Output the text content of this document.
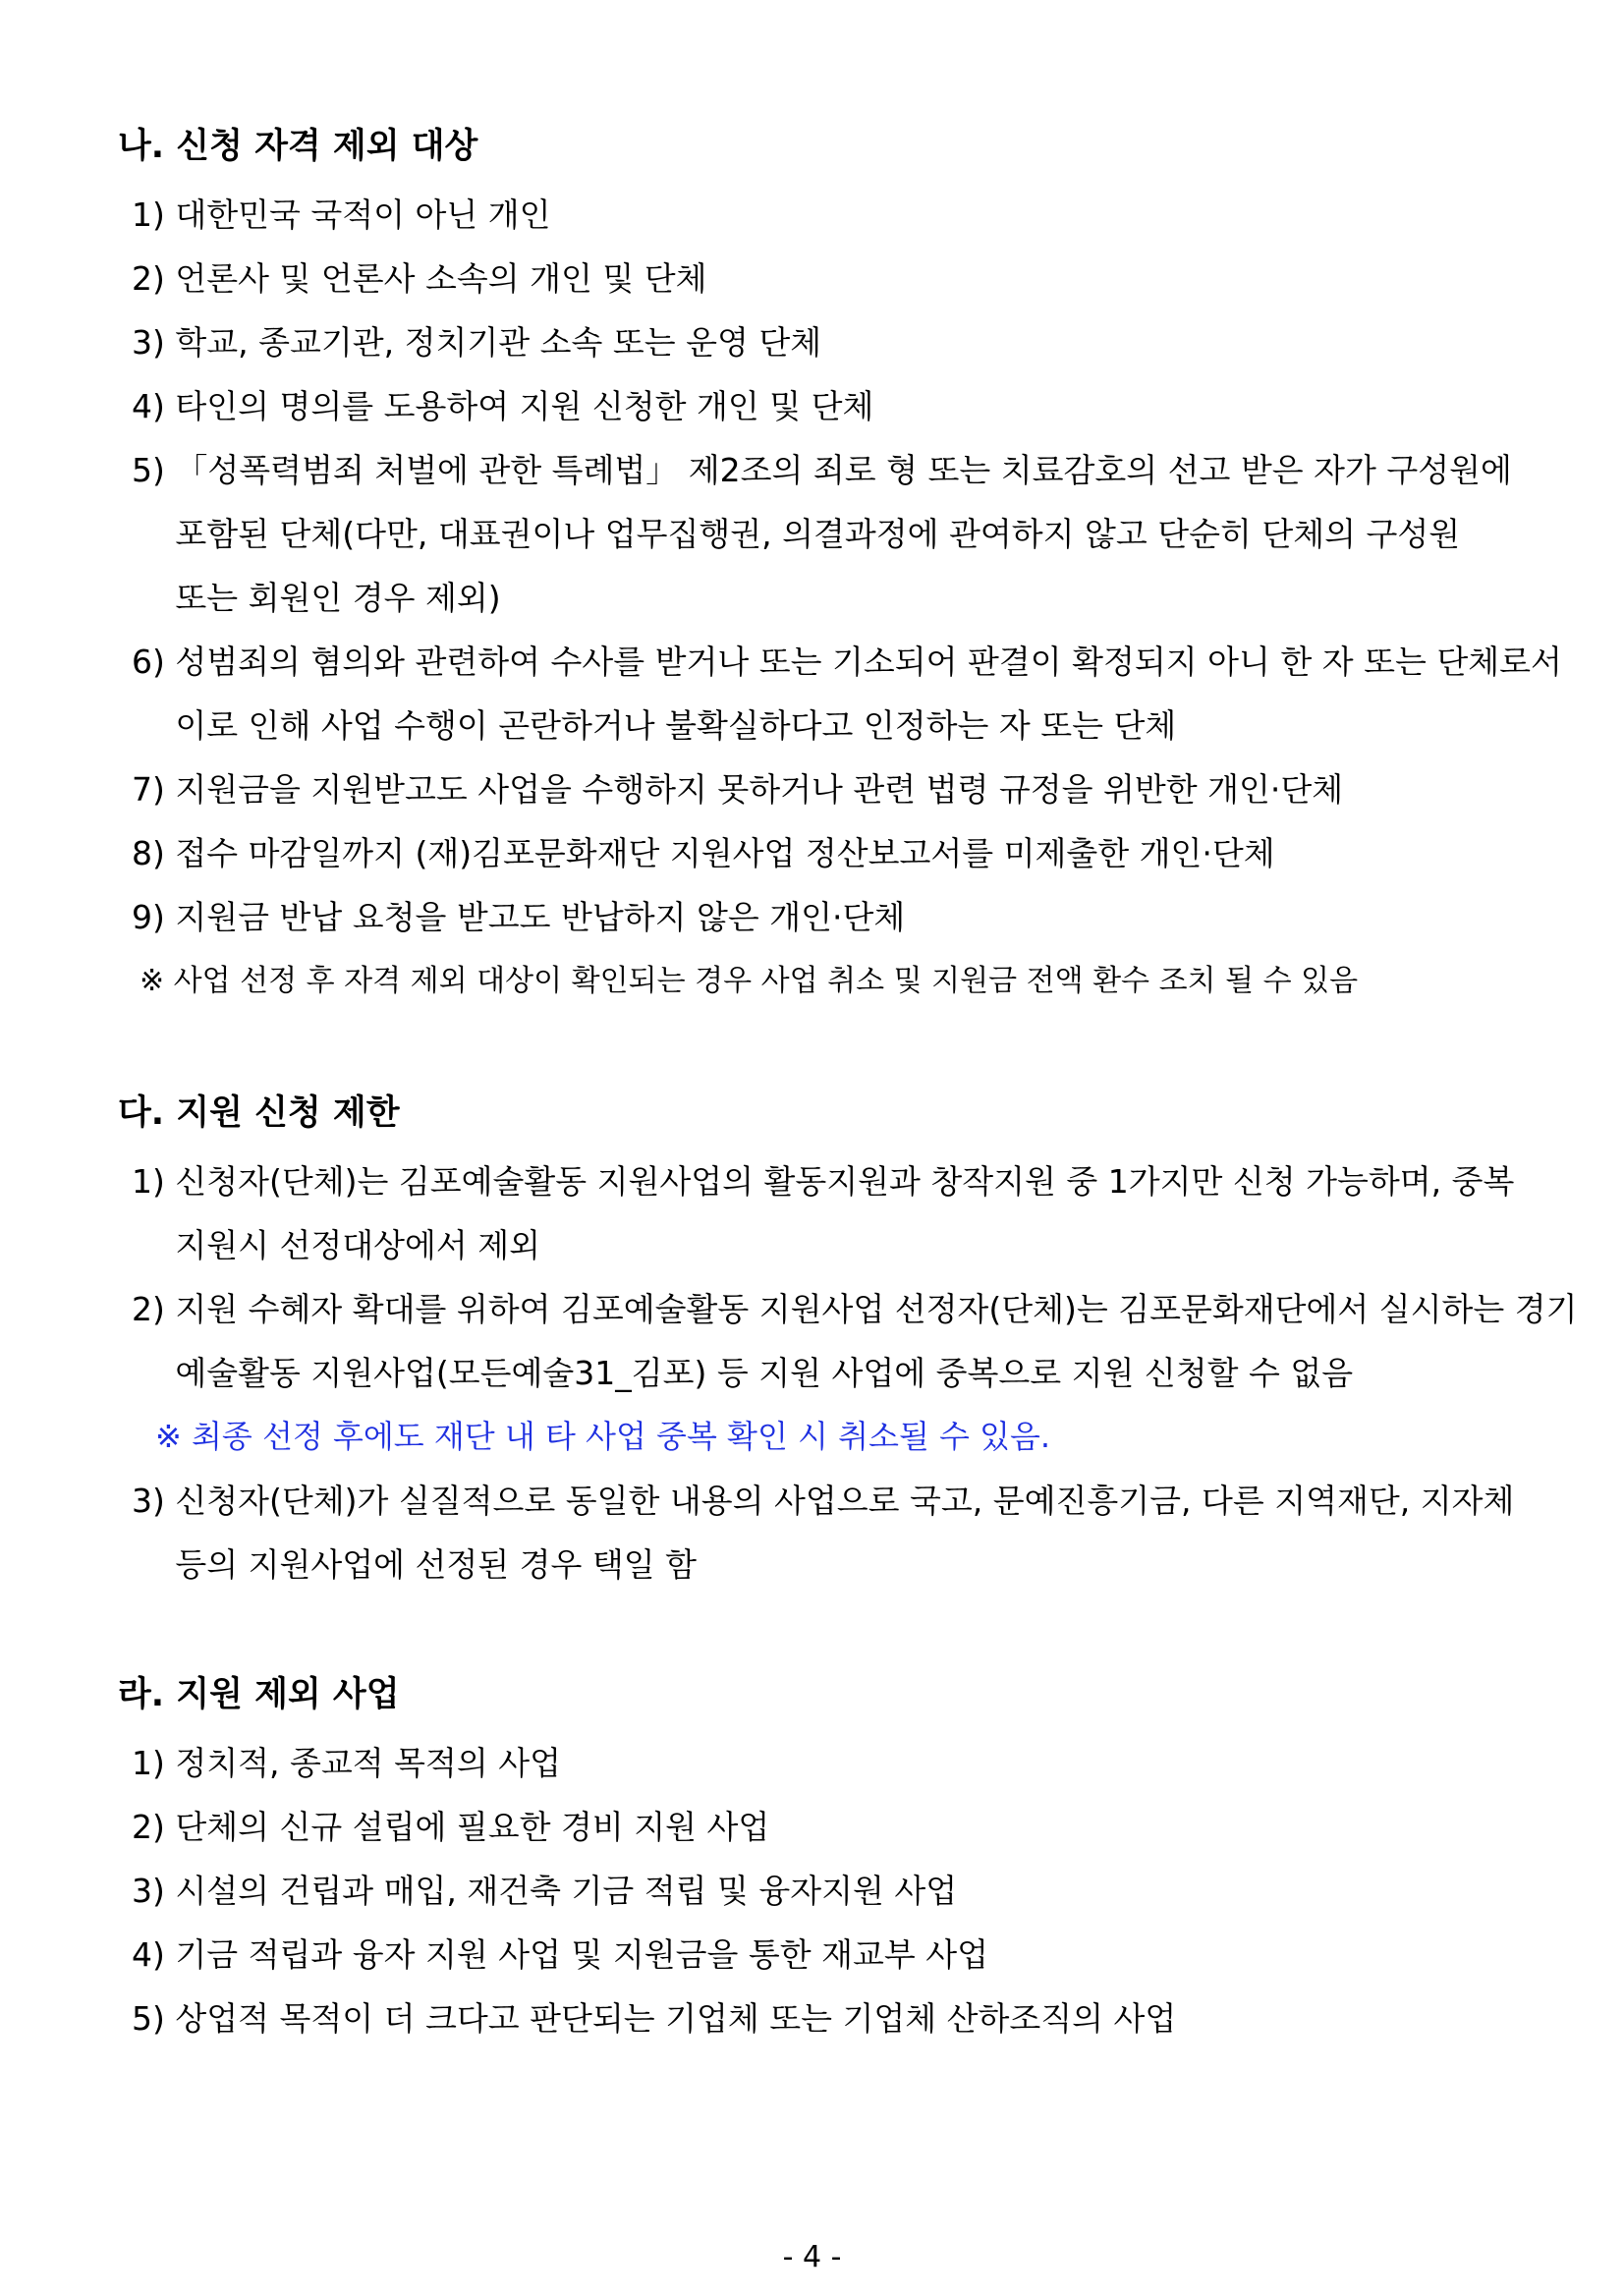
나. 신청 자격 제외 대상
1) 대한민국 국적이 아닌 개인
2) 언론사 및 언론사 소속의 개인 및 단체
3) 학교, 종교기관, 정치기관 소속 또는 운영 단체
4) 타인의 명의를 도용하여 지원 신청한 개인 및 단체
5) 「성폭력범죄 처벌에 관한 특례법」 제2조의 죄로 형 또는 치료감호의 선고 받은 자가 구성원에
포함된 단체(다만, 대표권이나 업무집행권, 의결과정에 관여하지 않고 단순히 단체의 구성원
또는 회원인 경우 제외)
6) 성범죄의 혐의와 관련하여 수사를 받거나 또는 기소되어 판결이 확정되지 아니 한 자 또는 단체로서
이로 인해 사업 수행이 곤란하거나 불확실하다고 인정하는 자 또는 단체
7) 지원금을 지원받고도 사업을 수행하지 못하거나 관련 법령 규정을 위반한 개인·단체
8) 접수 마감일까지 (재)김포문화재단 지원사업 정산보고서를 미제출한 개인·단체
9) 지원금 반납 요청을 받고도 반납하지 않은 개인·단체
※ 사업 선정 후 자격 제외 대상이 확인되는 경우 사업 취소 및 지원금 전액 환수 조치 될 수 있음
다. 지원 신청 제한
1) 신청자(단체)는 김포예술활동 지원사업의 활동지원과 창작지원 중 1가지만 신청 가능하며, 중복
지원시 선정대상에서 제외
2) 지원 수혜자 확대를 위하여 김포예술활동 지원사업 선정자(단체)는 김포문화재단에서 실시하는 경기
예술활동 지원사업(모든예술31_김포) 등 지원 사업에 중복으로 지원 신청할 수 없음
※ 최종 선정 후에도 재단 내 타 사업 중복 확인 시 취소될 수 있음.
3) 신청자(단체)가 실질적으로 동일한 내용의 사업으로 국고, 문예진흥기금, 다른 지역재단, 지자체
등의 지원사업에 선정된 경우 택일 함
라. 지원 제외 사업
1) 정치적, 종교적 목적의 사업
2) 단체의 신규 설립에 필요한 경비 지원 사업
3) 시설의 건립과 매입, 재건축 기금 적립 및 융자지원 사업
4) 기금 적립과 융자 지원 사업 및 지원금을 통한 재교부 사업
5) 상업적 목적이 더 크다고 판단되는 기업체 또는 기업체 산하조직의 사업
- 4 -
